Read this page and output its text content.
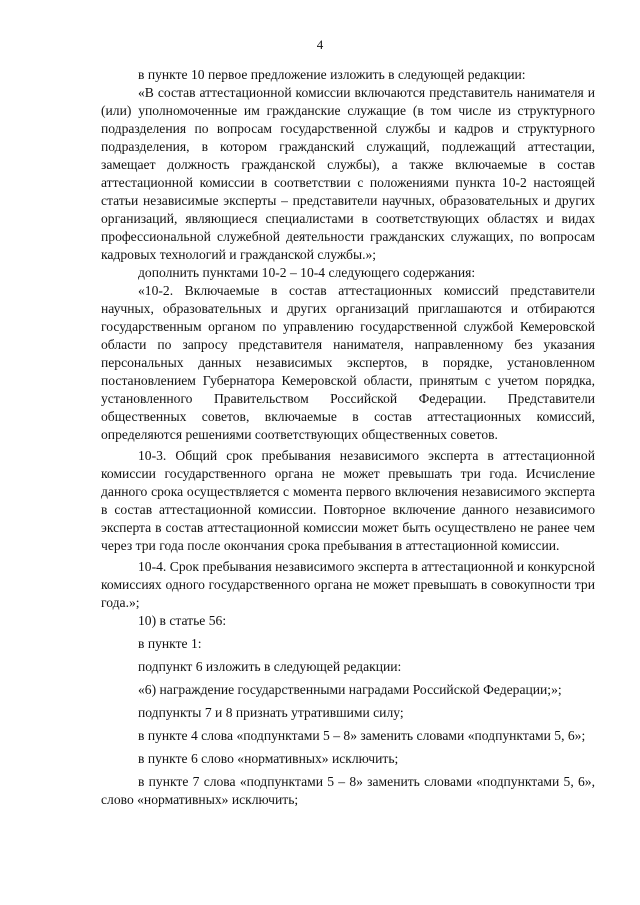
4

в пункте 10 первое предложение изложить в следующей редакции:

«В состав аттестационной комиссии включаются представитель нанимателя и (или) уполномоченные им гражданские служащие (в том числе из структурного подразделения по вопросам государственной службы и кадров и структурного подразделения, в котором гражданский служащий, подлежащий аттестации, замещает должность гражданской службы), а также включаемые в состав аттестационной комиссии в соответствии с положениями пункта 10-2 настоящей статьи независимые эксперты – представители научных, образовательных и других организаций, являющиеся специалистами в соответствующих областях и видах профессиональной служебной деятельности гражданских служащих, по вопросам кадровых технологий и гражданской службы.»;

дополнить пунктами 10-2 – 10-4 следующего содержания:

«10-2. Включаемые в состав аттестационных комиссий представители научных, образовательных и других организаций приглашаются и отбираются государственным органом по управлению государственной службой Кемеровской области по запросу представителя нанимателя, направленному без указания персональных данных независимых экспертов, в порядке, установленном постановлением Губернатора Кемеровской области, принятым с учетом порядка, установленного Правительством Российской Федерации. Представители общественных советов, включаемые в состав аттестационных комиссий, определяются решениями соответствующих общественных советов.

10-3. Общий срок пребывания независимого эксперта в аттестационной комиссии государственного органа не может превышать три года. Исчисление данного срока осуществляется с момента первого включения независимого эксперта в состав аттестационной комиссии. Повторное включение данного независимого эксперта в состав аттестационной комиссии может быть осуществлено не ранее чем через три года после окончания срока пребывания в аттестационной комиссии.

10-4. Срок пребывания независимого эксперта в аттестационной и конкурсной комиссиях одного государственного органа не может превышать в совокупности три года.»;

10) в статье 56:

в пункте 1:

подпункт 6 изложить в следующей редакции:

«6) награждение государственными наградами Российской Федерации;»;

подпункты 7 и 8 признать утратившими силу;

в пункте 4 слова «подпунктами 5 – 8» заменить словами «подпунктами 5, 6»;

в пункте 6 слово «нормативных» исключить;

в пункте 7 слова «подпунктами 5 – 8» заменить словами «подпунктами 5, 6», слово «нормативных» исключить;
